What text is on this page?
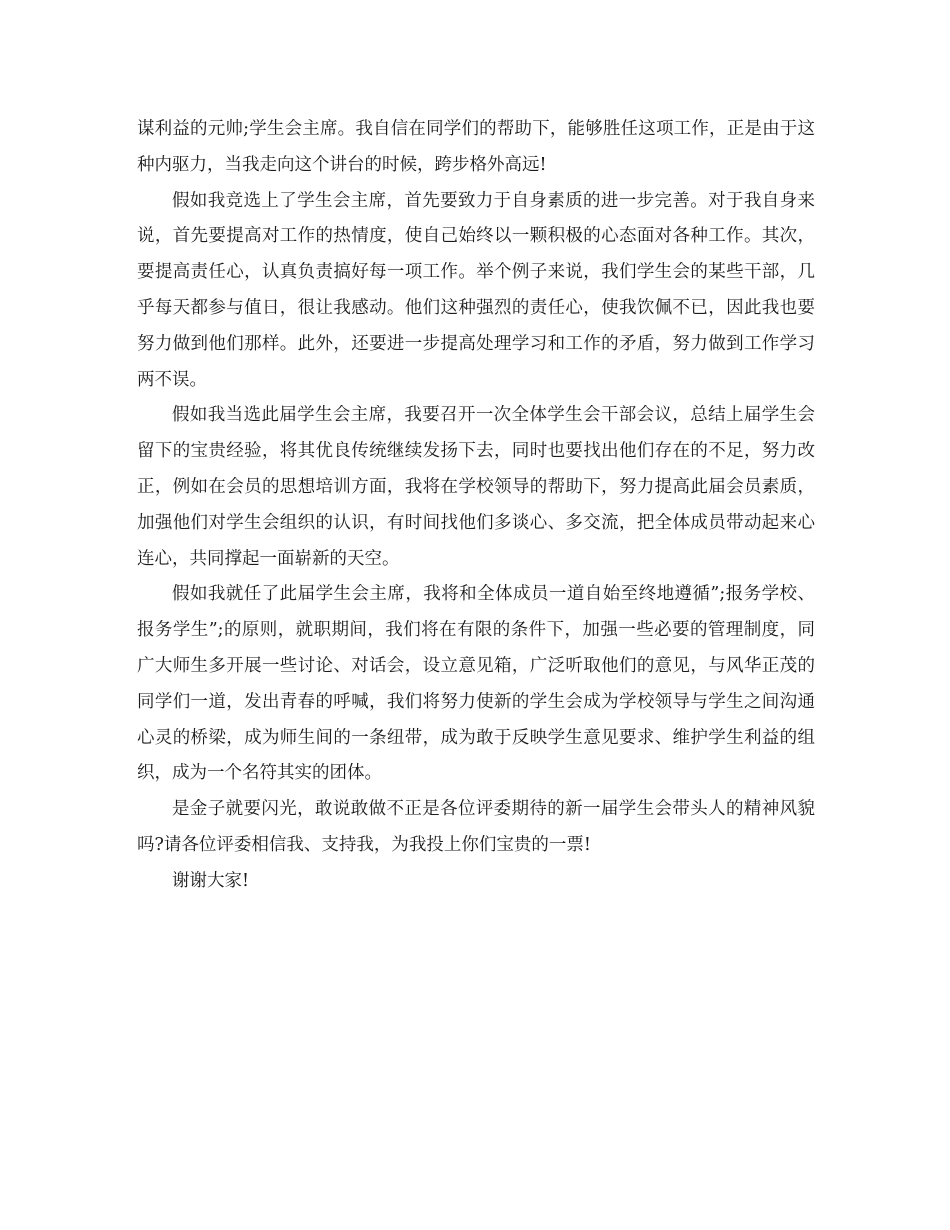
谋利益的元帅;学生会主席。我自信在同学们的帮助下，能够胜任这项工作，正是由于这种内驱力，当我走向这个讲台的时候，跨步格外高远!

假如我竞选上了学生会主席，首先要致力于自身素质的进一步完善。对于我自身来说，首先要提高对工作的热情度，使自己始终以一颗积极的心态面对各种工作。其次，要提高责任心，认真负责搞好每一项工作。举个例子来说，我们学生会的某些干部，几乎每天都参与值日，很让我感动。他们这种强烈的责任心，使我饮佩不已，因此我也要努力做到他们那样。此外，还要进一步提高处理学习和工作的矛盾，努力做到工作学习两不误。

假如我当选此届学生会主席，我要召开一次全体学生会干部会议，总结上届学生会留下的宝贵经验，将其优良传统继续发扬下去，同时也要找出他们存在的不足，努力改正，例如在会员的思想培训方面，我将在学校领导的帮助下，努力提高此届会员素质，加强他们对学生会组织的认识，有时间找他们多谈心、多交流，把全体成员带动起来心连心，共同撑起一面崭新的天空。

假如我就任了此届学生会主席，我将和全体成员一道自始至终地遵循”;报务学校、报务学生”;的原则，就职期间，我们将在有限的条件下，加强一些必要的管理制度，同广大师生多开展一些讨论、对话会，设立意见箱，广泛听取他们的意见，与风华正茂的同学们一道，发出青春的呼喊，我们将努力使新的学生会成为学校领导与学生之间沟通心灵的桥梁，成为师生间的一条纽带，成为敢于反映学生意见要求、维护学生利益的组织，成为一个名符其实的团体。

是金子就要闪光，敢说敢做不正是各位评委期待的新一届学生会带头人的精神风貌吗?请各位评委相信我、支持我，为我投上你们宝贵的一票!

谢谢大家!
